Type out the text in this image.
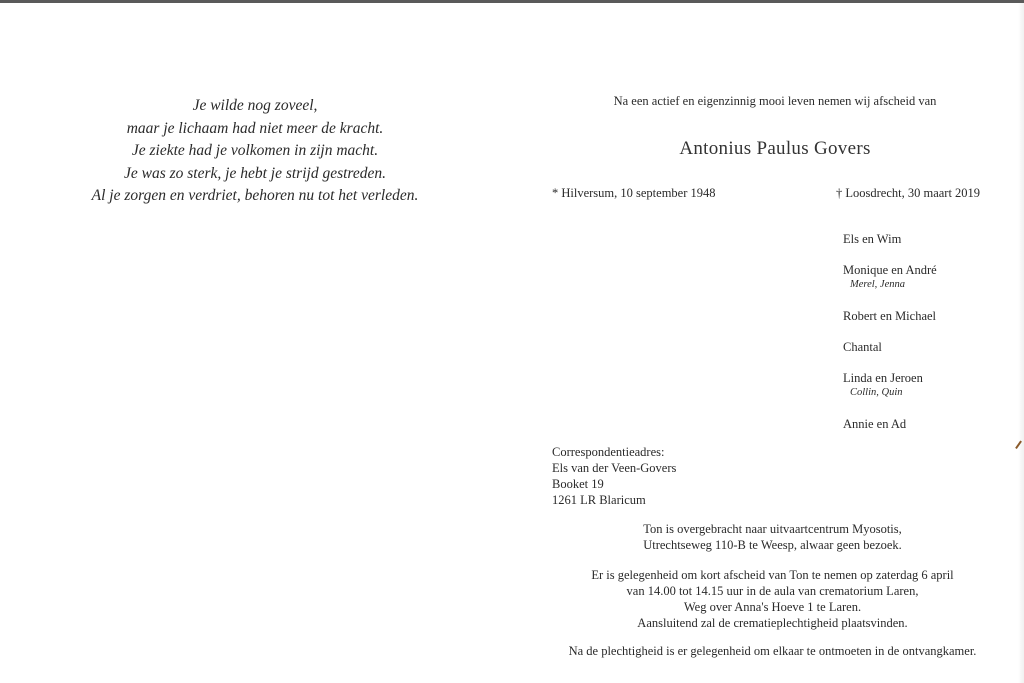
Je wilde nog zoveel,
maar je lichaam had niet meer de kracht.
Je ziekte had je volkomen in zijn macht.
Je was zo sterk, je hebt je strijd gestreden.
Al je zorgen en verdriet, behoren nu tot het verleden.
Na een actief en eigenzinnig mooi leven nemen wij afscheid van
Antonius Paulus Govers
* Hilversum, 10 september 1948	† Loosdrecht, 30 maart 2019
Els en Wim
Monique en André
Merel, Jenna
Robert en Michael
Chantal
Linda en Jeroen
Collin, Quin
Annie en Ad
Correspondentieadres:
Els van der Veen-Govers
Booket 19
1261 LR Blaricum
Ton is overgebracht naar uitvaartcentrum Myosotis,
Utrechtseweg 110-B te Weesp, alwaar geen bezoek.
Er is gelegenheid om kort afscheid van Ton te nemen op zaterdag 6 april
van 14.00 tot 14.15 uur in de aula van crematorium Laren,
Weg over Anna's Hoeve 1 te Laren.
Aansluitend zal de crematieplechtigheid plaatsvinden.
Na de plechtigheid is er gelegenheid om elkaar te ontmoeten in de ontvangkamer.
